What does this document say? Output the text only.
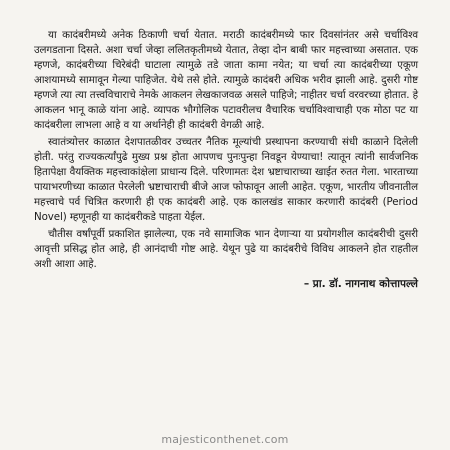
या कादंबरीमध्ये अनेक ठिकाणी चर्चा येतात. मराठी कादंबरीमध्ये फार दिवसांनंतर असे चर्चाविश्व उलगडताना दिसते. अशा चर्चा जेव्हा ललितकृतीमध्ये येतात, तेव्हा दोन बाबी फार महत्त्वाच्या असतात. एक म्हणजे, कादंबरीच्या चिरेबंदी घाटाला त्यामुळे तडे जाता कामा नयेत; या चर्चा त्या कादंबरीच्या एकूण आशयामध्ये सामावून गेल्या पाहिजेत. येथे तसे होते. त्यामुळे कादंबरी अधिक भरीव झाली आहे. दुसरी गोष्ट म्हणजे त्या त्या तत्त्वविचाराचे नेमके आकलन लेखकाजवळ असले पाहिजे; नाहीतर चर्चा वरवरच्या होतात. हे आकलन भानू काळे यांना आहे. व्यापक भौगोलिक पटावरीलच वैचारिक चर्चाविश्वाचाही एक मोठा पट या कादंबरीला लाभला आहे व या अर्थानेही ही कादंबरी वेगळी आहे.

स्वातंत्र्योत्तर काळात देशपातळीवर उच्चतर नैतिक मूल्यांची प्रस्थापना करण्याची संधी काळाने दिलेली होती. परंतु राज्यकर्त्यांपुढे मुख्य प्रश्न होता आपणच पुनःपुन्हा निवडून येण्याचा! त्यातून त्यांनी सार्वजनिक हितापेक्षा वैयक्तिक महत्त्वाकांक्षेला प्राधान्य दिले. परिणामतः देश भ्रष्टाचाराच्या खाईत रुतत गेला. भारताच्या पायाभरणीच्या काळात पेरलेली भ्रष्टाचाराची बीजे आज फोफावून आली आहेत. एकूण, भारतीय जीवनातील महत्त्वाचे पर्व चित्रित करणारी ही एक कादंबरी आहे. एक कालखंड साकार करणारी कादंबरी (Period Novel) म्हणूनही या कादंबरीकडे पाहता येईल.

चौतीस वर्षांपूर्वी प्रकाशित झालेल्या, एक नवे सामाजिक भान देणाऱ्या या प्रयोगशील कादंबरीची दुसरी आवृत्ती प्रसिद्ध होत आहे, ही आनंदाची गोष्ट आहे. येथून पुढे या कादंबरीचे विविध आकलने होत राहतील अशी आशा आहे.

– प्रा. डॉ. नागनाथ कोत्तापल्ले

majesticonthenet.com
